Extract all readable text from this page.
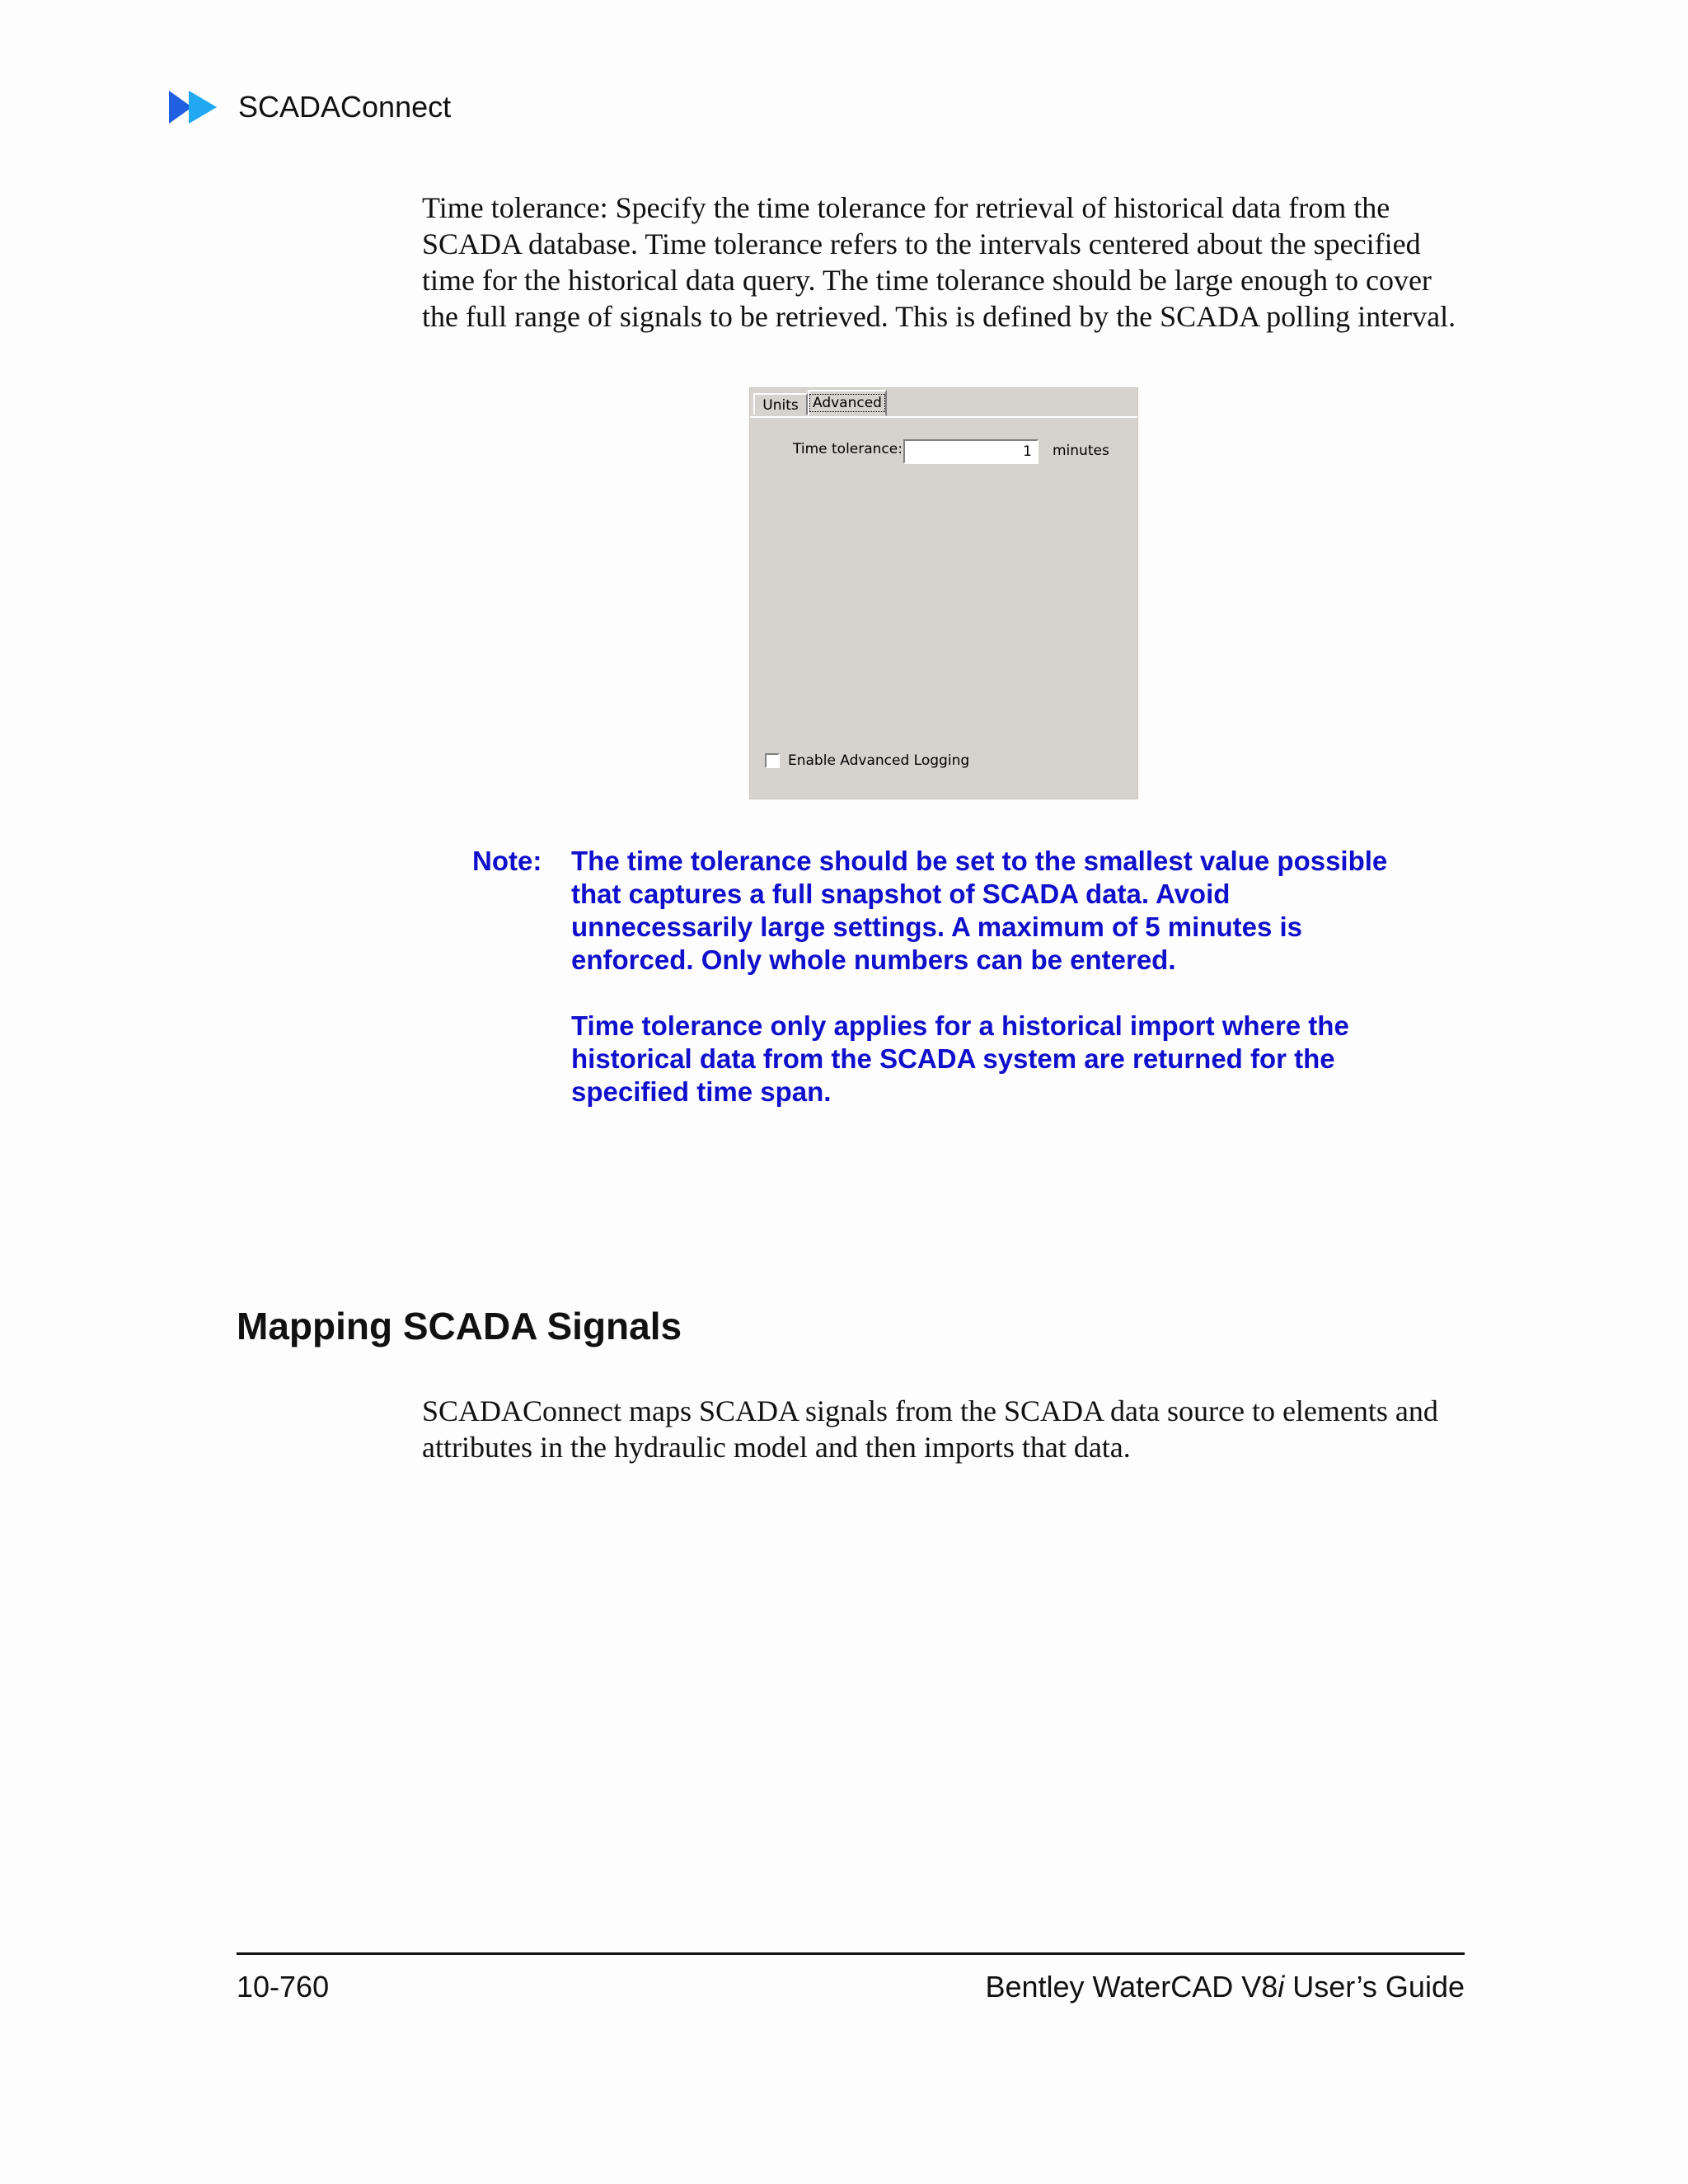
SCADAConnect

Time tolerance: Specify the time tolerance for retrieval of historical data from the SCADA database. Time tolerance refers to the intervals centered about the specified time for the historical data query. The time tolerance should be large enough to cover the full range of signals to be retrieved. This is defined by the SCADA polling interval.

Units	Advanced
Time tolerance:
1	minutes
Enable Advanced Logging
Note: The time tolerance should be set to the smallest value possible that captures a full snapshot of SCADA data. Avoid unnecessarily large settings. A maximum of 5 minutes is enforced. Only whole numbers can be entered.

Time tolerance only applies for a historical import where the historical data from the SCADA system are returned for the specified time span.

Mapping SCADA Signals

SCADAConnect maps SCADA signals from the SCADA data source to elements and attributes in the hydraulic model and then imports that data.

10-760	Bentley WaterCAD V8i User’s Guide
